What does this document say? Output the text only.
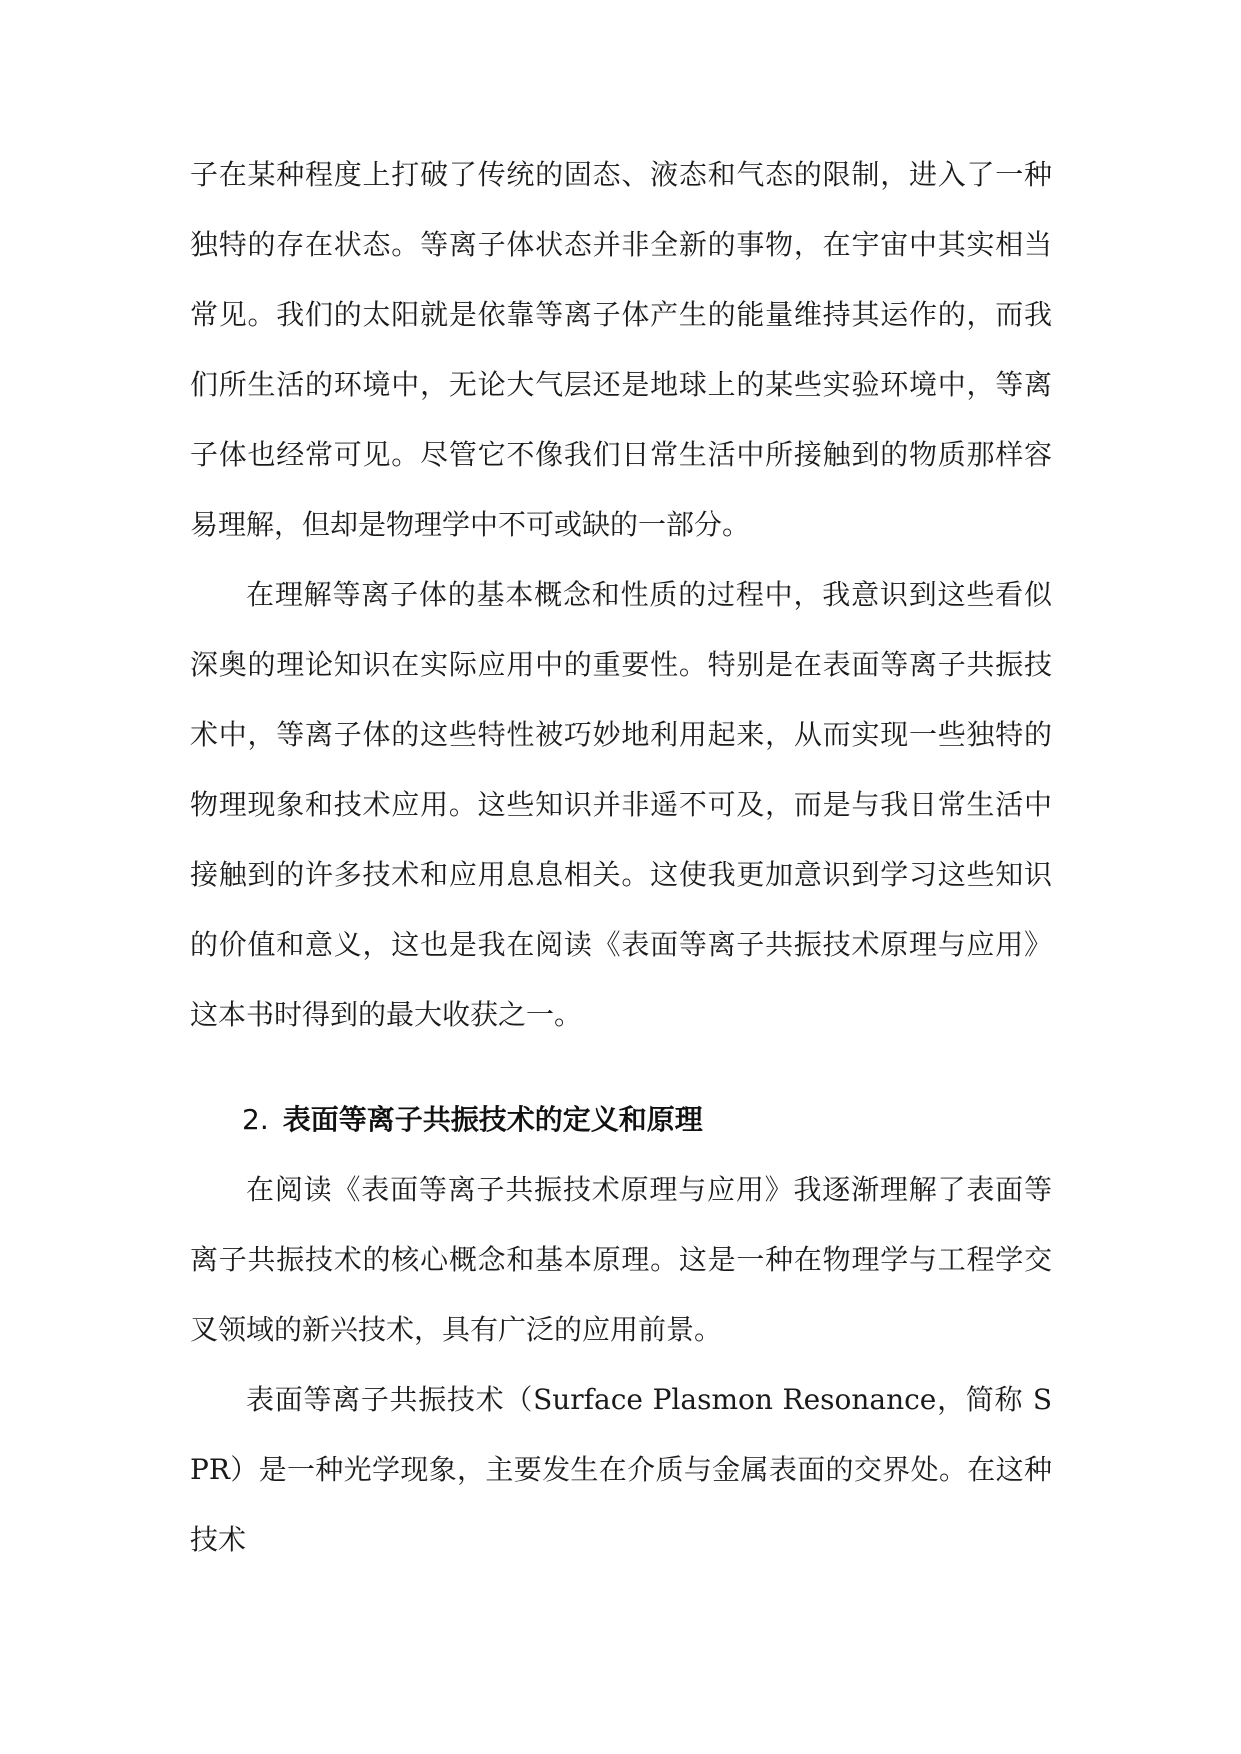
子在某种程度上打破了传统的固态、液态和气态的限制，进入了一种独特的存在状态。等离子体状态并非全新的事物，在宇宙中其实相当常见。我们的太阳就是依靠等离子体产生的能量维持其运作的，而我们所生活的环境中，无论大气层还是地球上的某些实验环境中，等离子体也经常可见。尽管它不像我们日常生活中所接触到的物质那样容易理解，但却是物理学中不可或缺的一部分。

在理解等离子体的基本概念和性质的过程中，我意识到这些看似深奥的理论知识在实际应用中的重要性。特别是在表面等离子共振技术中，等离子体的这些特性被巧妙地利用起来，从而实现一些独特的物理现象和技术应用。这些知识并非遥不可及，而是与我日常生活中接触到的许多技术和应用息息相关。这使我更加意识到学习这些知识的价值和意义，这也是我在阅读《表面等离子共振技术原理与应用》这本书时得到的最大收获之一。

2. 表面等离子共振技术的定义和原理

在阅读《表面等离子共振技术原理与应用》我逐渐理解了表面等离子共振技术的核心概念和基本原理。这是一种在物理学与工程学交叉领域的新兴技术，具有广泛的应用前景。

表面等离子共振技术（Surface Plasmon Resonance，简称 SPR）是一种光学现象，主要发生在介质与金属表面的交界处。在这种技术
